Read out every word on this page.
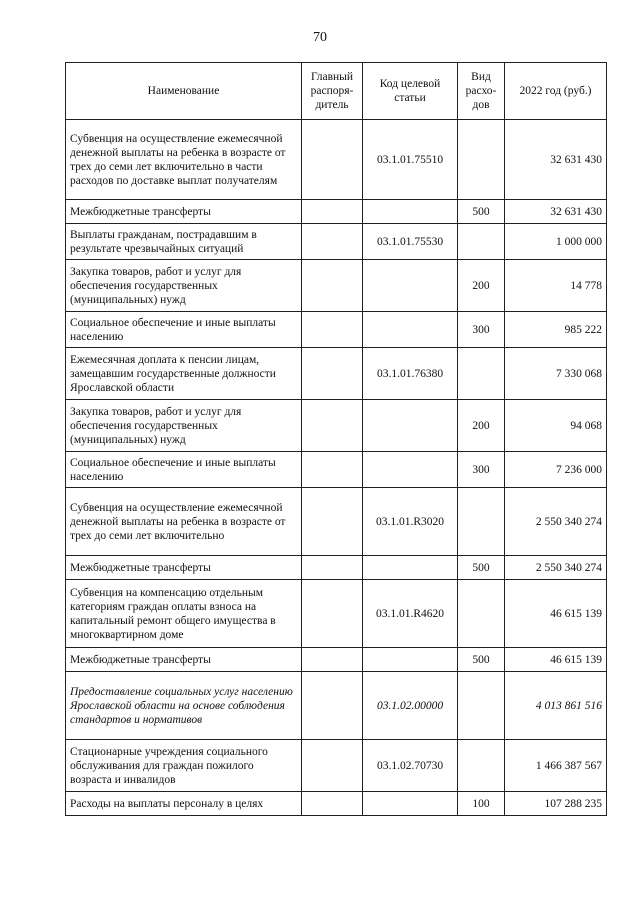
70
Наименование	Главный распоря- дитель	Код целевой статьи	Вид расхо- дов	2022 год (руб.)
Субвенция на осуществление ежемесячной денежной выплаты на ребенка в возрасте от трех до семи лет включительно в части расходов по доставке выплат получателям		03.1.01.75510		32 631 430
Межбюджетные трансферты			500	32 631 430
Выплаты гражданам, пострадавшим в результате чрезвычайных ситуаций		03.1.01.75530		1 000 000
Закупка товаров, работ и услуг для обеспечения государственных (муниципальных) нужд			200	14 778
Социальное обеспечение и иные выплаты населению			300	985 222
Ежемесячная доплата к пенсии лицам, замещавшим государственные должности Ярославской области		03.1.01.76380		7 330 068
Закупка товаров, работ и услуг для обеспечения государственных (муниципальных) нужд			200	94 068
Социальное обеспечение и иные выплаты населению			300	7 236 000
Субвенция на осуществление ежемесячной денежной выплаты на ребенка в возрасте от трех до семи лет включительно		03.1.01.R3020		2 550 340 274
Межбюджетные трансферты			500	2 550 340 274
Субвенция на компенсацию отдельным категориям граждан оплаты взноса на капитальный ремонт общего имущества в многоквартирном доме		03.1.01.R4620		46 615 139
Межбюджетные трансферты			500	46 615 139
Предоставление социальных услуг населению Ярославской области на основе соблюдения стандартов и нормативов		03.1.02.00000		4 013 861 516
Стационарные учреждения социального обслуживания для граждан пожилого возраста и инвалидов		03.1.02.70730		1 466 387 567
Расходы на выплаты персоналу в целях			100	107 288 235
